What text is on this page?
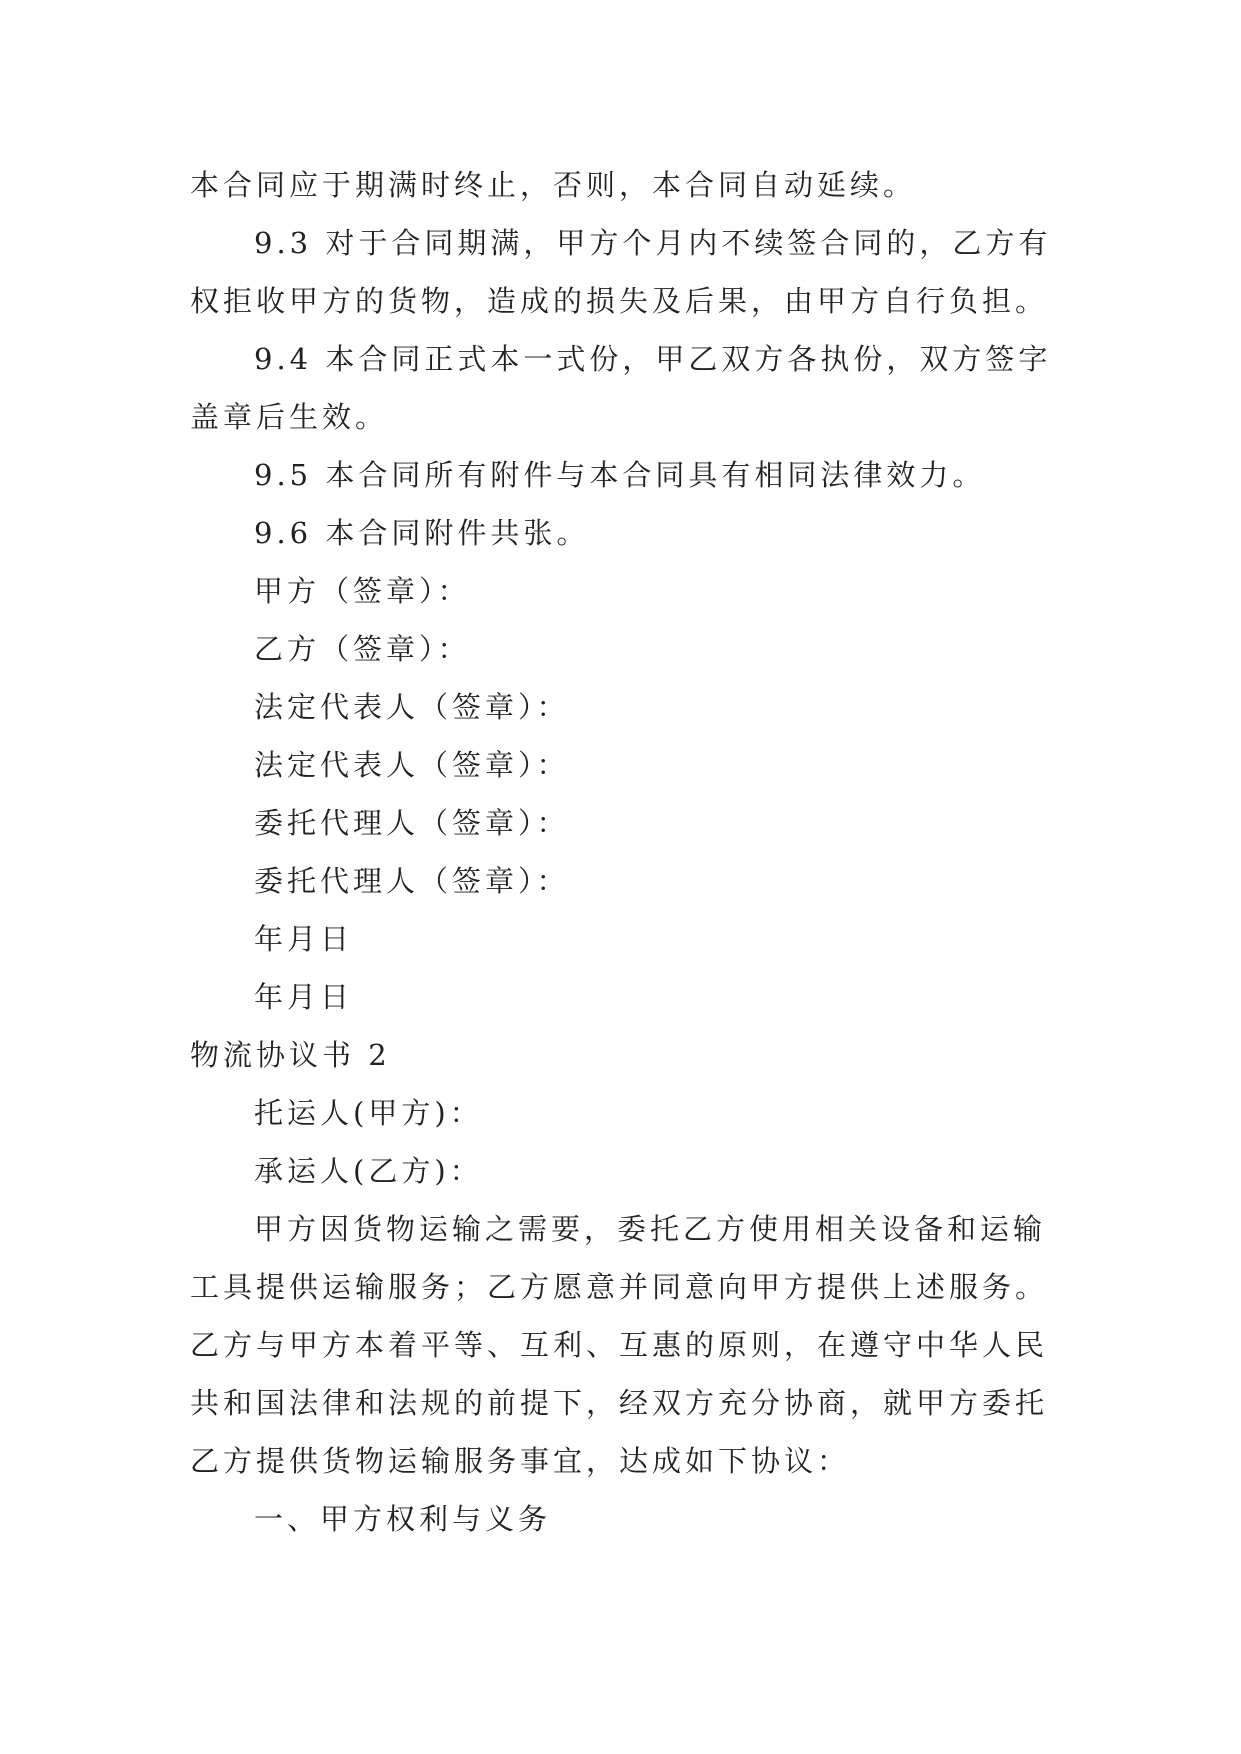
本合同应于期满时终止，否则，本合同自动延续。
9.3 对于合同期满，甲方个月内不续签合同的，乙方有
权拒收甲方的货物，造成的损失及后果，由甲方自行负担。
9.4 本合同正式本一式份，甲乙双方各执份，双方签字
盖章后生效。
9.5 本合同所有附件与本合同具有相同法律效力。
9.6 本合同附件共张。
甲方（签章）：
乙方（签章）：
法定代表人（签章）：
法定代表人（签章）：
委托代理人（签章）：
委托代理人（签章）：
年月日
年月日
物流协议书 2
托运人(甲方)：
承运人(乙方)：
甲方因货物运输之需要，委托乙方使用相关设备和运输
工具提供运输服务；乙方愿意并同意向甲方提供上述服务。
乙方与甲方本着平等、互利、互惠的原则，在遵守中华人民
共和国法律和法规的前提下，经双方充分协商，就甲方委托
乙方提供货物运输服务事宜，达成如下协议：
一、甲方权利与义务
